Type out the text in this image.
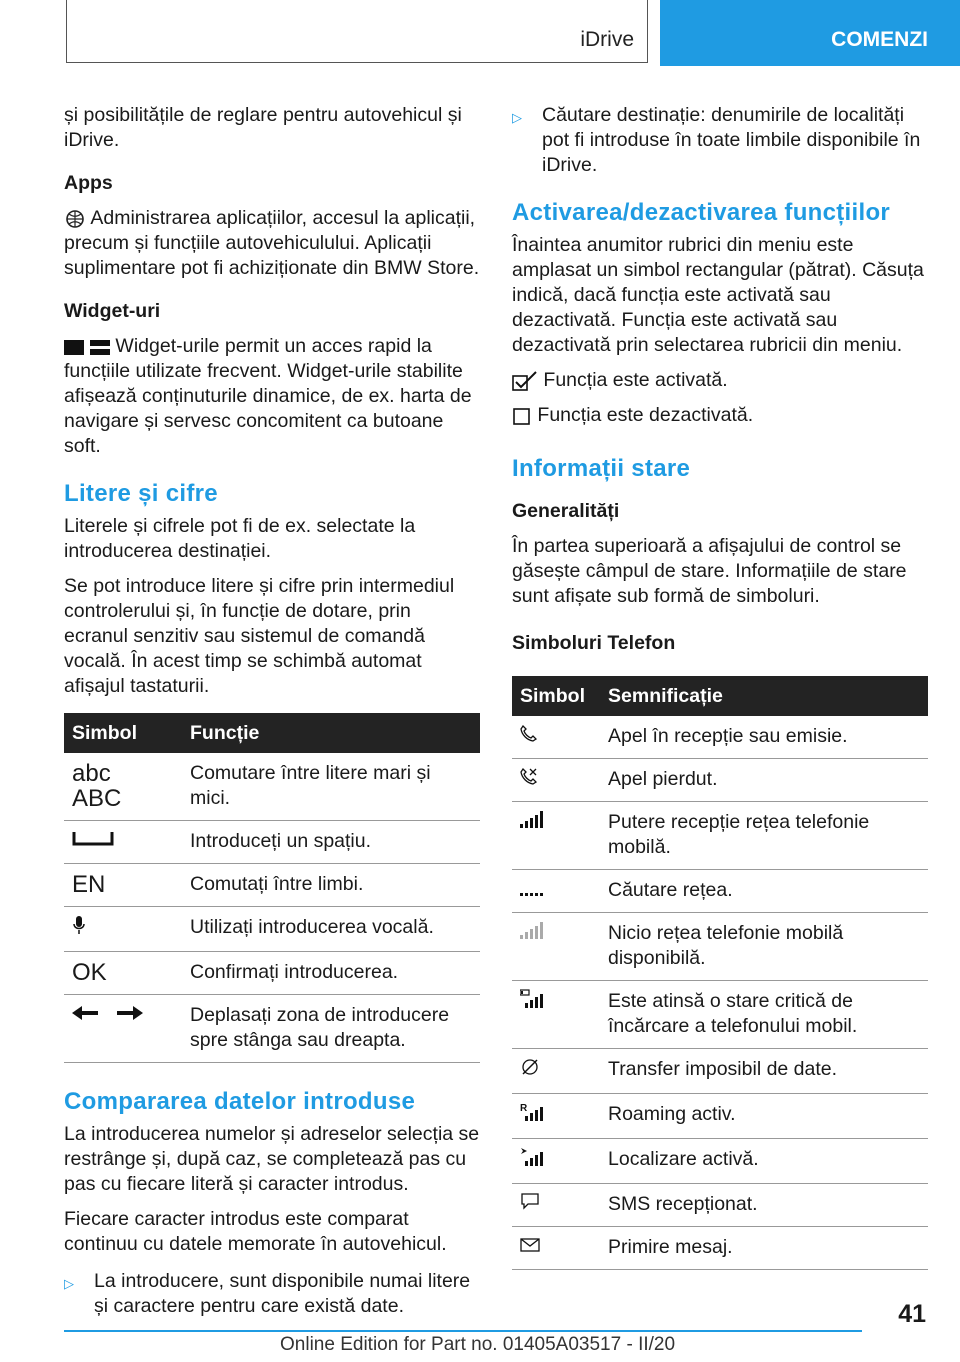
iDrive	COMENZI

și posibilitățile de reglare pentru autovehicul și iDrive.

Apps

Administrarea aplicațiilor, accesul la aplicații, precum și funcțiile autovehiculului. Aplicații suplimentare pot fi achiziționate din BMW Store.

Widget-uri

Widget-urile permit un acces rapid la funcțiile utilizate frecvent. Widget-urile stabilite afișează conținuturile dinamice, de ex. harta de navigare și servesc concomitent ca butoane soft.

Litere și cifre

Literele și cifrele pot fi de ex. selectate la introducerea destinației.

Se pot introduce litere și cifre prin intermediul controlerului și, în funcție de dotare, prin ecranul senzitiv sau sistemul de comandă vocală. În acest timp se schimbă automat afișajul tastaturii.

Simbol	Funcție

abc
ABC	Comutare între litere mari și mici.
	Introduceți un spațiu.
EN	Comutați între limbi.
	Utilizați introducerea vocală.
OK	Confirmați introducerea.
	Deplasați zona de introducere spre stânga sau dreapta.
Compararea datelor introduse

La introducerea numelor și adreselor selecția se restrânge și, după caz, se completează pas cu pas cu fiecare literă și caracter introdus.

Fiecare caracter introdus este comparat continuu cu datele memorate în autovehicul.

▷	La introducere, sunt disponibile numai litere și caractere pentru care există date.
▷	Căutare destinație: denumirile de localități pot fi introduse în toate limbile disponibile în iDrive.
Activarea/dezactivarea funcțiilor

Înaintea anumitor rubrici din meniu este amplasat un simbol rectangular (pătrat). Căsuța indică, dacă funcția este activată sau dezactivată. Funcția este activată sau dezactivată prin selectarea rubricii din meniu.

Funcția este activată.

Funcția este dezactivată.

Informații stare
Generalități

În partea superioară a afișajului de control se găsește câmpul de stare. Informațiile de stare sunt afișate sub formă de simboluri.

Simboluri Telefon
Simbol	Semnificație
	Apel în recepție sau emisie.
	Apel pierdut.
	Putere recepție rețea telefonie mobilă.
	Căutare rețea.
	Nicio rețea telefonie mobilă disponibilă.
	Este atinsă o stare critică de încărcare a telefonului mobil.
	Transfer imposibil de date.

R	Roaming activ.
	Localizare activă.
	SMS recepționat.
	Primire mesaj.
41
Online Edition for Part no. 01405A03517 - II/20
